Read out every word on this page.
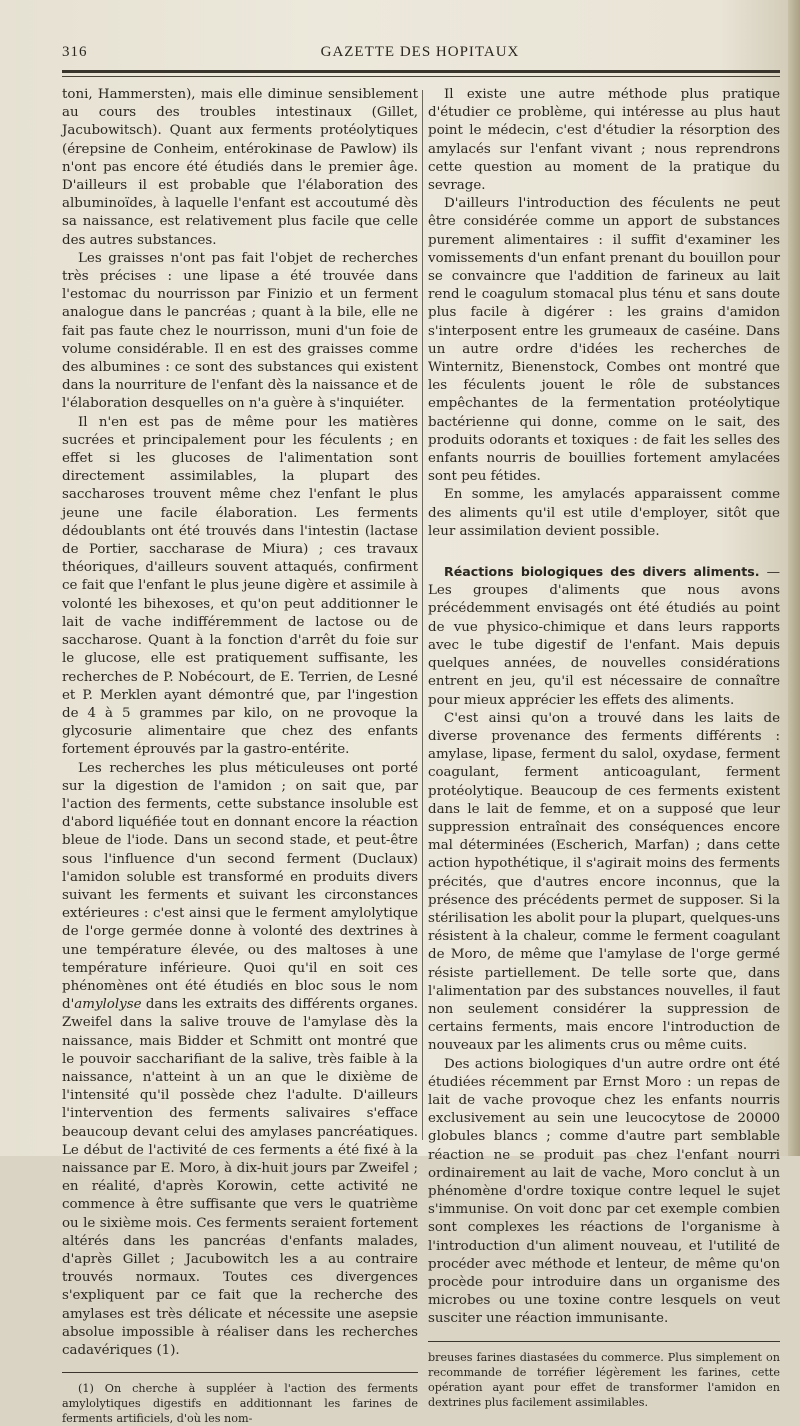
GAZETTE DES HOPITAUX
316

toni, Hammersten), mais elle diminue sensiblement au cours des troubles intestinaux (Gillet, Jacubowitsch). Quant aux ferments protéolytiques (érepsine de Conheim, entérokinase de Pawlow) ils n'ont pas encore été étudiés dans le premier âge. D'ailleurs il est probable que l'élaboration des albuminoïdes, à laquelle l'enfant est accoutumé dès sa naissance, est relativement plus facile que celle des autres substances.

Les graisses n'ont pas fait l'objet de recherches très précises : une lipase a été trouvée dans l'estomac du nourrisson par Finizio et un ferment analogue dans le pancréas ; quant à la bile, elle ne fait pas faute chez le nourrisson, muni d'un foie de volume considérable. Il en est des graisses comme des albumines : ce sont des substances qui existent dans la nourriture de l'enfant dès la naissance et de l'élaboration desquelles on n'a guère à s'inquiéter.

Il n'en est pas de même pour les matières sucrées et principalement pour les féculents ; en effet si les glucoses de l'alimentation sont directement assimilables, la plupart des saccharoses trouvent même chez l'enfant le plus jeune une facile élaboration. Les ferments dédoublants ont été trouvés dans l'intestin (lactase de Portier, saccharase de Miura) ; ces travaux théoriques, d'ailleurs souvent attaqués, confirment ce fait que l'enfant le plus jeune digère et assimile à volonté les bihexoses, et qu'on peut additionner le lait de vache indifféremment de lactose ou de saccharose. Quant à la fonction d'arrêt du foie sur le glucose, elle est pratiquement suffisante, les recherches de P. Nobécourt, de E. Terrien, de Lesné et P. Merklen ayant démontré que, par l'ingestion de 4 à 5 grammes par kilo, on ne provoque la glycosurie alimentaire que chez des enfants fortement éprouvés par la gastro-entérite.

Les recherches les plus méticuleuses ont porté sur la digestion de l'amidon ; on sait que, par l'action des ferments, cette substance insoluble est d'abord liquéfiée tout en donnant encore la réaction bleue de l'iode. Dans un second stade, et peut-être sous l'influence d'un second ferment (Duclaux) l'amidon soluble est transformé en produits divers suivant les ferments et suivant les circonstances extérieures : c'est ainsi que le ferment amylolytique de l'orge germée donne à volonté des dextrines à une température élevée, ou des maltoses à une température inférieure. Quoi qu'il en soit ces phénomènes ont été étudiés en bloc sous le nom d'amylolyse dans les extraits des différents organes. Zweifel dans la salive trouve de l'amylase dès la naissance, mais Bidder et Schmitt ont montré que le pouvoir saccharifiant de la salive, très faible à la naissance, n'atteint à un an que le dixième de l'intensité qu'il possède chez l'adulte. D'ailleurs l'intervention des ferments salivaires s'efface beaucoup devant celui des amylases pancréatiques. Le début de l'activité de ces ferments a été fixé à la naissance par E. Moro, à dix-huit jours par Zweifel ; en réalité, d'après Korowin, cette activité ne commence à être suffisante que vers le quatrième ou le sixième mois. Ces ferments seraient fortement altérés dans les pancréas d'enfants malades, d'après Gillet ; Jacubowitch les a au contraire trouvés normaux. Toutes ces divergences s'expliquent par ce fait que la recherche des amylases est très délicate et nécessite une asepsie absolue impossible à réaliser dans les recherches cadavériques (1).

(1) On cherche à suppléer à l'action des ferments amylolytiques digestifs en additionnant les farines de ferments artificiels, d'où les nom-

Il existe une autre méthode plus pratique d'étudier ce problème, qui intéresse au plus haut point le médecin, c'est d'étudier la résorption des amylacés sur l'enfant vivant ; nous reprendrons cette question au moment de la pratique du sevrage.

D'ailleurs l'introduction des féculents ne peut être considérée comme un apport de substances purement alimentaires : il suffit d'examiner les vomissements d'un enfant prenant du bouillon pour se convaincre que l'addition de farineux au lait rend le coagulum stomacal plus ténu et sans doute plus facile à digérer : les grains d'amidon s'interposent entre les grumeaux de caséine. Dans un autre ordre d'idées les recherches de Winternitz, Bienenstock, Combes ont montré que les féculents jouent le rôle de substances empêchantes de la fermentation protéolytique bactérienne qui donne, comme on le sait, des produits odorants et toxiques : de fait les selles des enfants nourris de bouillies fortement amylacées sont peu fétides.

En somme, les amylacés apparaissent comme des aliments qu'il est utile d'employer, sitôt que leur assimilation devient possible.

Réactions biologiques des divers aliments. — Les groupes d'aliments que nous avons précédemment envisagés ont été étudiés au point de vue physico-chimique et dans leurs rapports avec le tube digestif de l'enfant. Mais depuis quelques années, de nouvelles considérations entrent en jeu, qu'il est nécessaire de connaître pour mieux apprécier les effets des aliments.

C'est ainsi qu'on a trouvé dans les laits de diverse provenance des ferments différents : amylase, lipase, ferment du salol, oxydase, ferment coagulant, ferment anticoagulant, ferment protéolytique. Beaucoup de ces ferments existent dans le lait de femme, et on a supposé que leur suppression entraînait des conséquences encore mal déterminées (Escherich, Marfan) ; dans cette action hypothétique, il s'agirait moins des ferments précités, que d'autres encore inconnus, que la présence des précédents permet de supposer. Si la stérilisation les abolit pour la plupart, quelques-uns résistent à la chaleur, comme le ferment coagulant de Moro, de même que l'amylase de l'orge germé résiste partiellement. De telle sorte que, dans l'alimentation par des substances nouvelles, il faut non seulement considérer la suppression de certains ferments, mais encore l'introduction de nouveaux par les aliments crus ou même cuits.

Des actions biologiques d'un autre ordre ont été étudiées récemment par Ernst Moro : un repas de lait de vache provoque chez les enfants nourris exclusivement au sein une leucocytose de 20000 globules blancs ; comme d'autre part semblable réaction ne se produit pas chez l'enfant nourri ordinairement au lait de vache, Moro conclut à un phénomène d'ordre toxique contre lequel le sujet s'immunise. On voit donc par cet exemple combien sont complexes les réactions de l'organisme à l'introduction d'un aliment nouveau, et l'utilité de procéder avec méthode et lenteur, de même qu'on procède pour introduire dans un organisme des microbes ou une toxine contre lesquels on veut susciter une réaction immunisante.

breuses farines diastasées du commerce. Plus simplement on recommande de torréfier légèrement les farines, cette opération ayant pour effet de transformer l'amidon en dextrines plus facilement assimilables.
